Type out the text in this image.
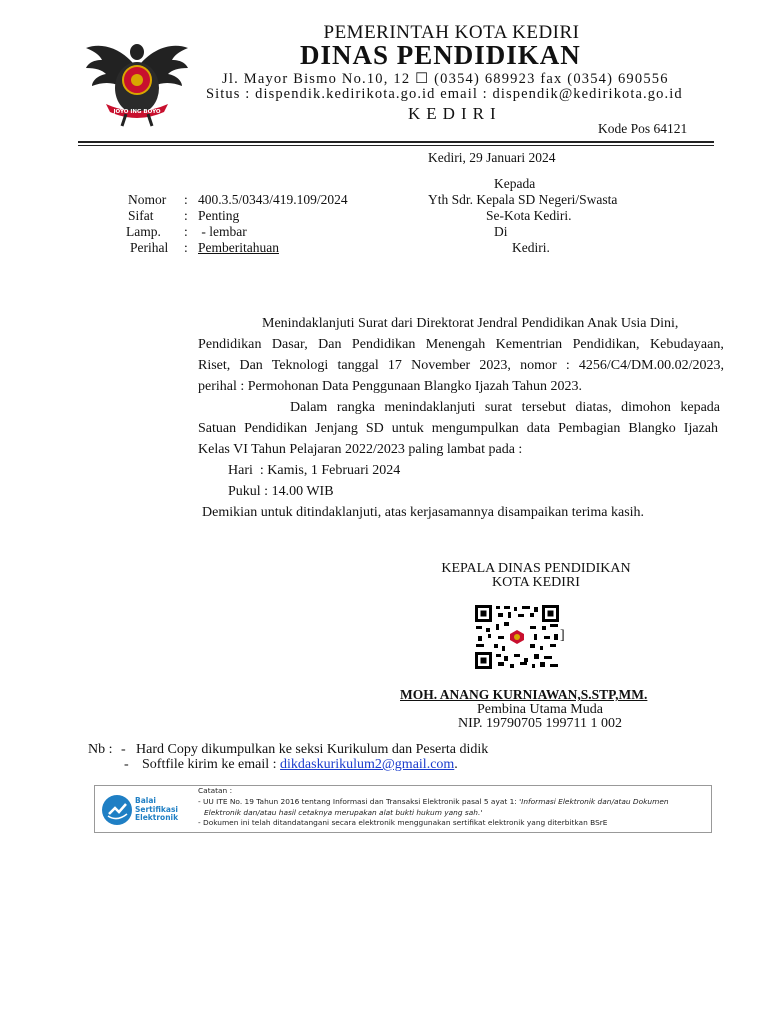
JOYO ING BOYO
PEMERINTAH KOTA KEDIRI
DINAS PENDIDIKAN
Jl. Mayor Bismo No.10, 12 ☐ (0354) 689923 fax (0354) 690556
Situs : dispendik.kedirikota.go.id email : dispendik@kedirikota.go.id
KEDIRI
Kode Pos 64121
Kediri, 29 Januari 2024
Nomor : 400.3.5/0343/419.109/2024
Sifat : Penting
Lamp. : - lembar
Perihal : Pemberitahuan
Kepada
Yth Sdr. Kepala SD Negeri/Swasta
Se-Kota Kediri.
Di
Kediri.
Menindaklanjuti Surat dari Direktorat Jendral Pendidikan Anak Usia Dini,
Pendidikan Dasar, Dan Pendidikan Menengah Kementrian Pendidikan, Kebudayaan,
Riset, Dan Teknologi tanggal 17 November 2023, nomor : 4256/C4/DM.00.02/2023,
perihal : Permohonan Data Penggunaan Blangko Ijazah Tahun 2023.
Dalam rangka menindaklanjuti surat tersebut diatas, dimohon kepada
Satuan Pendidikan Jenjang SD untuk mengumpulkan data Pembagian Blangko Ijazah
Kelas VI Tahun Pelajaran 2022/2023 paling lambat pada :
Hari  : Kamis, 1 Februari 2024
Pukul : 14.00 WIB
Demikian untuk ditindaklanjuti, atas kerjasamannya disampaikan terima kasih.
KEPALA DINAS PENDIDIKAN
KOTA KEDIRI
]
MOH. ANANG KURNIAWAN,S.STP,MM.
Pembina Utama Muda
NIP. 19790705 199711 1 002
Nb : - Hard Copy dikumpulkan ke seksi Kurikulum dan Peserta didik
- Softfile kirim ke email : dikdaskurikulum2@gmail.com.
Balai
Sertifikasi
Elektronik
Catatan :
- UU ITE No. 19 Tahun 2016 tentang Informasi dan Transaksi Elektronik pasal 5 ayat 1: 'Informasi Elektronik dan/atau Dokumen
Elektronik dan/atau hasil cetaknya merupakan alat bukti hukum yang sah.'
- Dokumen ini telah ditandatangani secara elektronik menggunakan sertifikat elektronik yang diterbitkan BSrE
